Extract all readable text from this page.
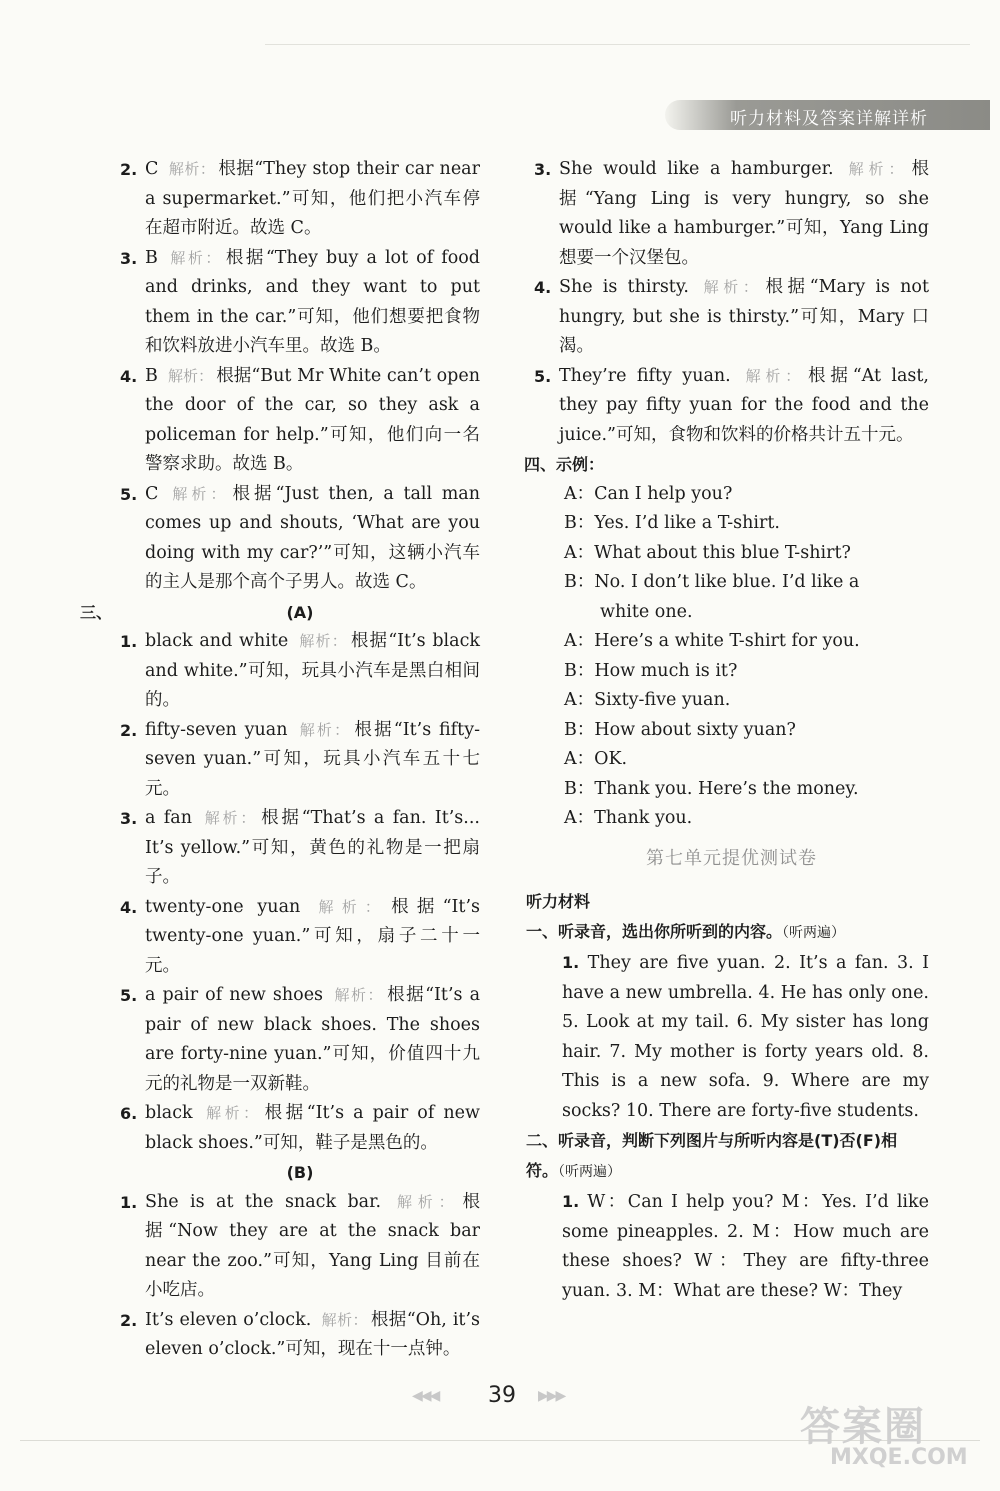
听力材料及答案详解详析
2. C 解析： 根据“They stop their car near a supermarket.”可知，他们把小汽车停在超市附近。故选 C。
3. B 解析： 根据“They buy a lot of food and drinks, and they want to put them in the car.”可知，他们想要把食物和饮料放进小汽车里。故选 B。
4. B 解析： 根据“But Mr White can’t open the door of the car, so they ask a policeman for help.”可知，他们向一名警察求助。故选 B。
5. C 解析： 根据“Just then, a tall man comes up and shouts, ‘What are you doing with my car?’”可知，这辆小汽车的主人是那个高个子男人。故选 C。
三、	(A)
1. black and white 解析： 根据“It’s black and white.”可知，玩具小汽车是黑白相间的。
2. fifty-seven yuan 解析： 根据“It’s fifty-seven yuan.”可知，玩具小汽车五十七元。
3. a fan 解析： 根据“That’s a fan. It’s... It’s yellow.”可知，黄色的礼物是一把扇子。
4. twenty-one yuan 解析： 根据“It’s twenty-one yuan.”可知，扇子二十一元。
5. a pair of new shoes 解析： 根据“It’s a pair of new black shoes. The shoes are forty-nine yuan.”可知，价值四十九元的礼物是一双新鞋。
6. black 解析： 根据“It’s a pair of new black shoes.”可知，鞋子是黑色的。
(B)
1. She is at the snack bar. 解析： 根据“Now they are at the snack bar near the zoo.”可知，Yang Ling 目前在小吃店。
2. It’s eleven o’clock. 解析： 根据“Oh, it’s eleven o’clock.”可知，现在十一点钟。
3. She would like a hamburger. 解析： 根据“Yang Ling is very hungry, so she would like a hamburger.”可知，Yang Ling 想要一个汉堡包。
4. She is thirsty. 解析： 根据“Mary is not hungry, but she is thirsty.”可知，Mary 口渴。
5. They’re fifty yuan. 解析： 根据“At last, they pay fifty yuan for the food and the juice.”可知，食物和饮料的价格共计五十元。
四、示例：
A：Can I help you?
B：Yes. I’d like a T-shirt.
A：What about this blue T-shirt?
B：No. I don’t like blue. I’d like a
white one.
A：Here’s a white T-shirt for you.
B：How much is it?
A：Sixty-five yuan.
B：How about sixty yuan?
A：OK.
B：Thank you. Here’s the money.
A：Thank you.
第七单元提优测试卷
听力材料
一、听录音，选出你所听到的内容。（听两遍）
1. They are five yuan. 2. It’s a fan. 3. I have a new umbrella. 4. He has only one. 5. Look at my tail. 6. My sister has long hair. 7. My mother is forty years old. 8. This is a new sofa. 9. Where are my socks? 10. There are forty-five students.
二、听录音，判断下列图片与所听内容是(T)否(F)相符。（听两遍）
1. W：Can I help you? M：Yes. I’d like some pineapples. 2. M：How much are these shoes? W：They are fifty-three yuan. 3. M：What are these? W：They
◀◀◀ 39 ▶▶▶
答案圈
MXQE.COM
